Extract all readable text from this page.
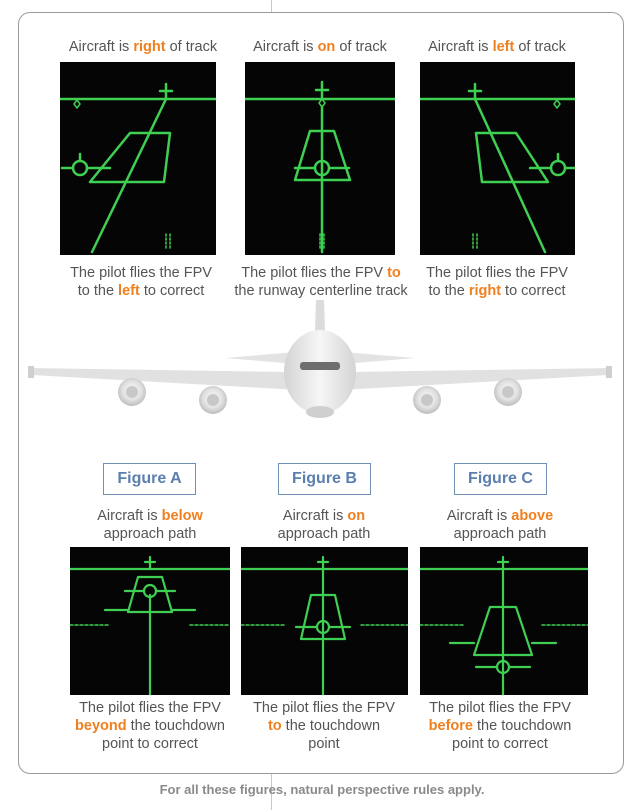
Aircraft is right of track	Aircraft is on of track	Aircraft is left of track
The pilot flies the FPV
to the left to correct
The pilot flies the FPV to
the runway centerline track
The pilot flies the FPV
to the right to correct
Figure A	Figure B	Figure C
Aircraft is below
approach path
Aircraft is on
approach path
Aircraft is above
approach path
The pilot flies the FPV
beyond the touchdown
point to correct
The pilot flies the FPV
to the touchdown
point
The pilot flies the FPV
before the touchdown
point to correct
For all these figures, natural perspective rules apply.
